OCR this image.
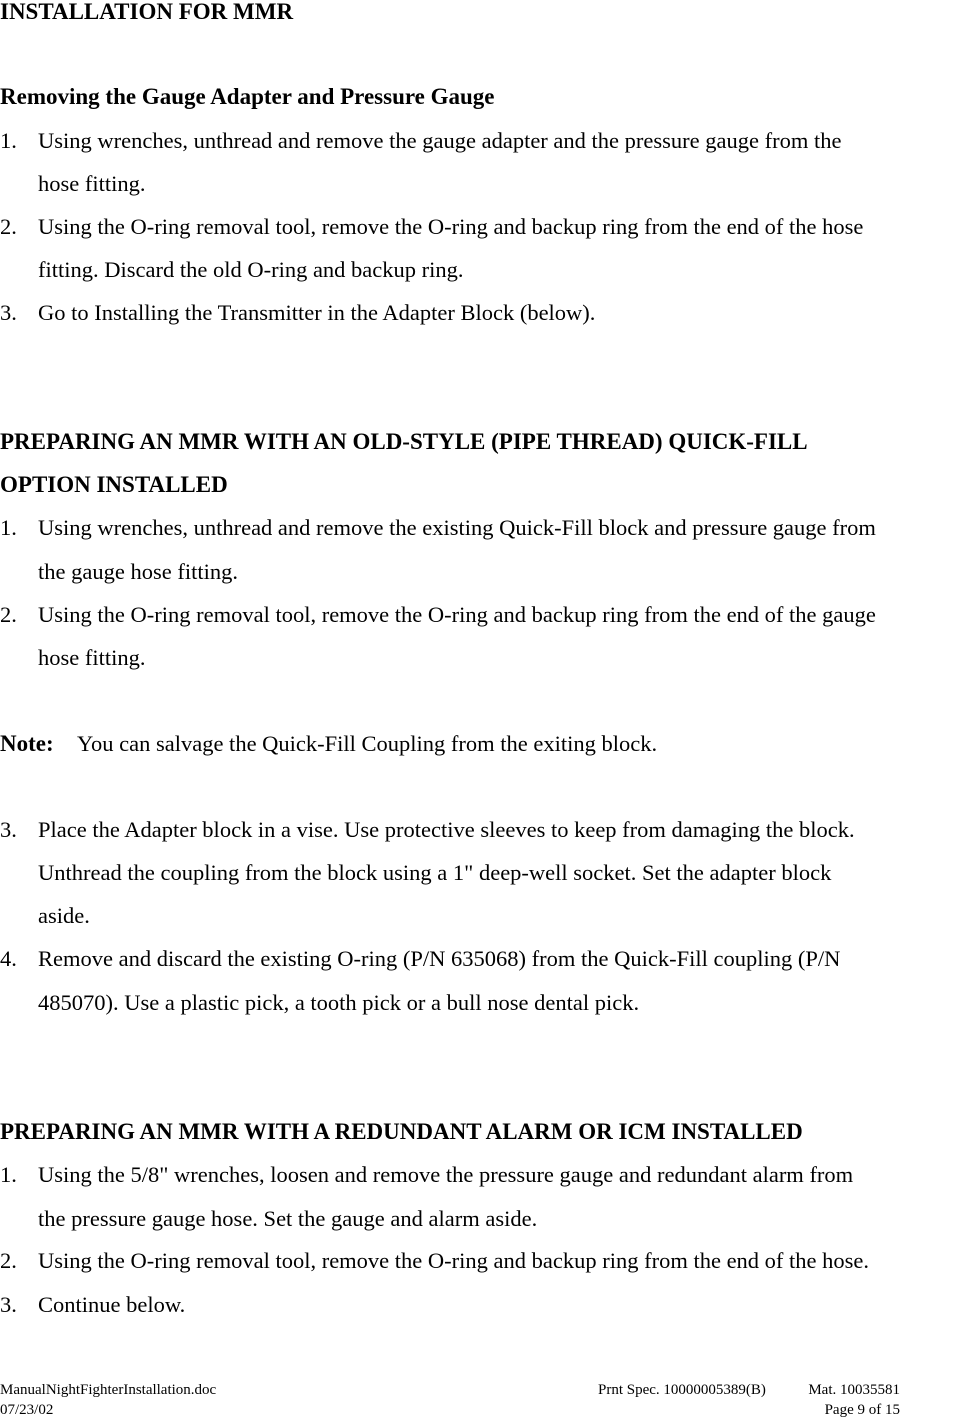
INSTALLATION FOR MMR
Removing the Gauge Adapter and Pressure Gauge
1. Using wrenches, unthread and remove the gauge adapter and the pressure gauge from the
hose fitting.
2. Using the O-ring removal tool, remove the O-ring and backup ring from the end of the hose
fitting. Discard the old O-ring and backup ring.
3. Go to Installing the Transmitter in the Adapter Block (below).
PREPARING AN MMR WITH AN OLD-STYLE (PIPE THREAD) QUICK-FILL
OPTION INSTALLED
1. Using wrenches, unthread and remove the existing Quick-Fill block and pressure gauge from
the gauge hose fitting.
2. Using the O-ring removal tool, remove the O-ring and backup ring from the end of the gauge
hose fitting.
Note: You can salvage the Quick-Fill Coupling from the exiting block.
3. Place the Adapter block in a vise. Use protective sleeves to keep from damaging the block.
Unthread the coupling from the block using a 1" deep-well socket. Set the adapter block
aside.
4. Remove and discard the existing O-ring (P/N 635068) from the Quick-Fill coupling (P/N
485070). Use a plastic pick, a tooth pick or a bull nose dental pick.
PREPARING AN MMR WITH A REDUNDANT ALARM OR ICM INSTALLED
1. Using the 5/8" wrenches, loosen and remove the pressure gauge and redundant alarm from
the pressure gauge hose. Set the gauge and alarm aside.
2. Using the O-ring removal tool, remove the O-ring and backup ring from the end of the hose.
3. Continue below.
ManualNightFighterInstallation.doc
07/23/02
Prnt Spec. 10000005389(B)	Mat. 10035581
Page 9 of 15
